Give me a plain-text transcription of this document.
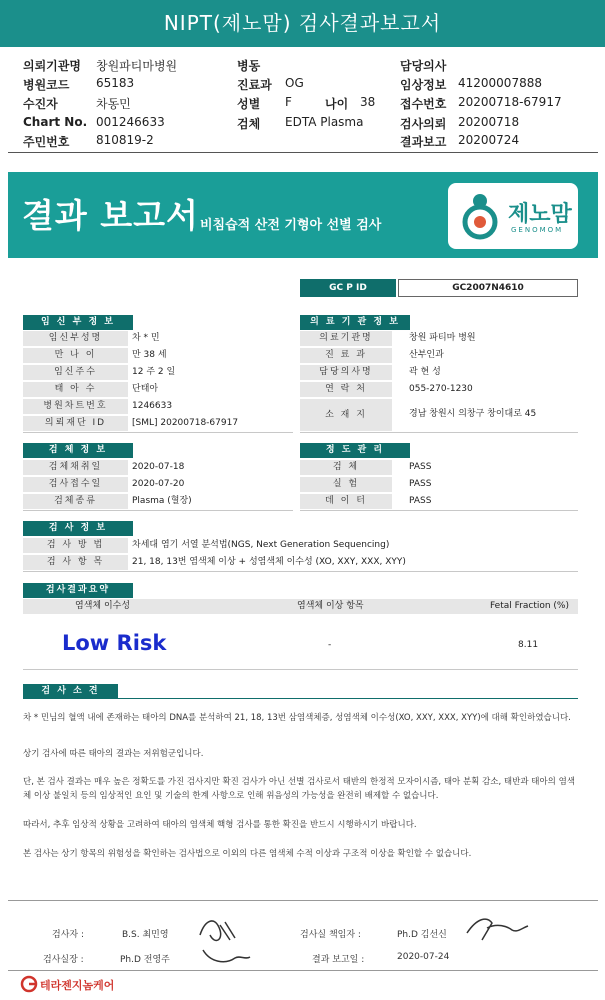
NIPT(제노맘) 검사결과보고서
의뢰기관명 창원파티마병원
병원코드 65183
수진자	차동민
Chart No. 001246633
주민번호 810819-2
병동
진료과 OG
성별 F	나이 38
검체 EDTA Plasma
담당의사
임상정보 41200007888
접수번호 20200718-67917
검사의뢰 20200718
결과보고 20200724
결과 보고서 비침습적 산전 기형아 선별 검사	제노맘
GENOMOM
GC P ID	GC2007N4610
임 신 부 정 보
임신부성명	차 * 민
만 나 이	만 38 세
임신주수	12 주 2 일
태 아 수	단태아
병원차트번호	1246633
의뢰재단 ID	[SML] 20200718-67917
의 료 기 관 정 보
의료기관명	창원 파티마 병원
진 료 과	산부인과
담당의사명	곽 현 성
연 락 처	055-270-1230
소 재 지	경남 창원시 의창구 창이대로 45
검 체 정 보
검체채취일	2020-07-18
검사접수일	2020-07-20
검체종류	Plasma (혈장)
정 도 관 리
검 체	PASS
실 험	PASS
데 이 터	PASS
검 사 정 보
검 사 방 법	차세대 염기 서열 분석법(NGS, Next Generation Sequencing)
검 사 항 목	21, 18, 13번 염색체 이상 + 성염색체 이수성 (XO, XXY, XXX, XYY)
검사결과요약
염색체 이수성	염색체 이상 항목	Fetal Fraction (%)
Low Risk	-	8.11
검 사 소 견
차 * 민님의 혈액 내에 존재하는 태아의 DNA를 분석하여 21, 18, 13번 삼염색체증, 성염색체 이수성(XO, XXY, XXX, XYY)에 대해 확인하였습니다.
상기 검사에 따른 태아의 결과는 저위험군입니다.
단, 본 검사 결과는 매우 높은 정확도를 가진 검사지만 확진 검사가 아닌 선별 검사로서 태반의 한정적 모자이시즘, 태아 분획 감소, 태반과 태아의 염색체 이상 불일치 등의 임상적인 요인 및 기술의 한계 사항으로 인해 위음성의 가능성을 완전히 배제할 수 없습니다.
따라서, 추후 임상적 상황을 고려하여 태아의 염색체 핵형 검사를 통한 확진을 반드시 시행하시기 바랍니다.
본 검사는 상기 항목의 위험성을 확인하는 검사법으로 이외의 다른 염색체 수적 이상과 구조적 이상을 확인할 수 없습니다.
검사자 :	B.S. 최민영
검사실장 :	Ph.D 전영주
검사실 책임자 :	Ph.D 김선신
결과 보고일 :	2020-07-24
테라젠지놈케어
